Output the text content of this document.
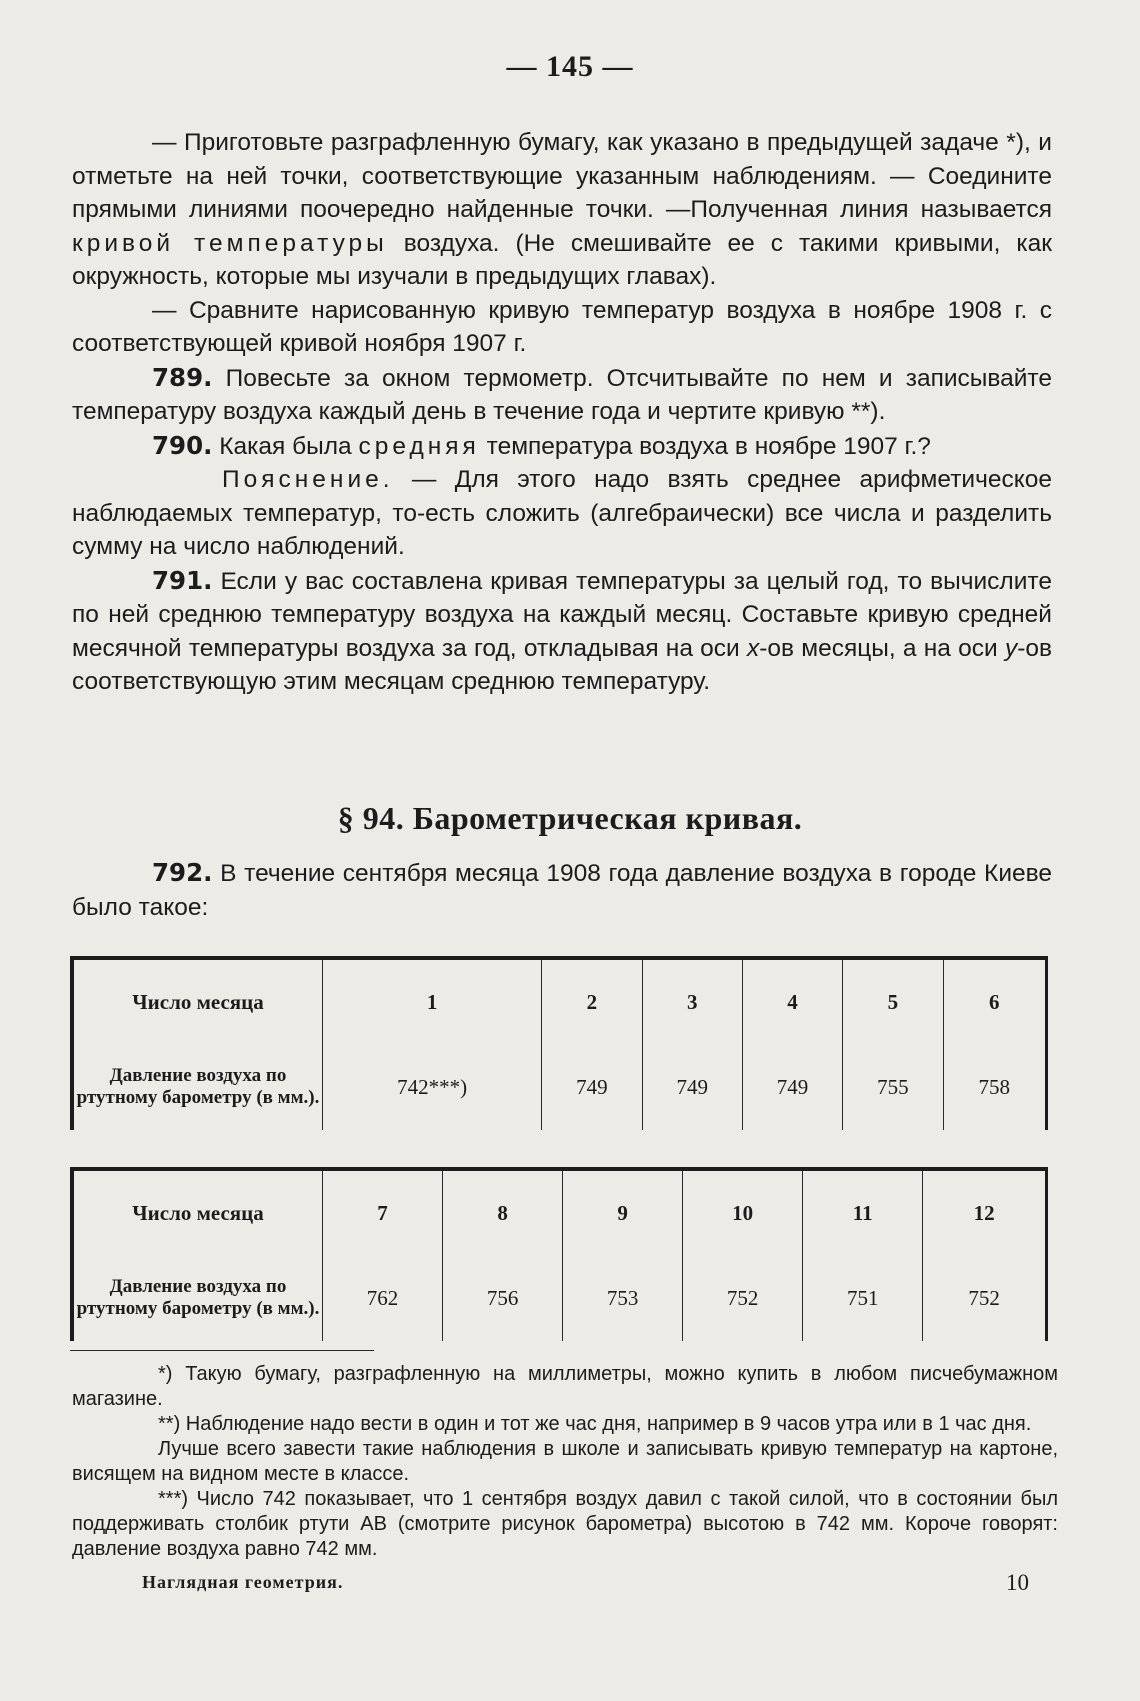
— 145 —

— Приготовьте разграфленную бумагу, как указано в предыдущей задаче *), и отметьте на ней точки, соответствующие указанным наблюдениям. — Соедините прямыми линиями поочередно найденные точки. —Полученная линия называется кривой температуры воздуха. (Не смешивайте ее с такими кривыми, как окружность, которые мы изучали в предыдущих главах).

— Сравните нарисованную кривую температур воздуха в ноябре 1908 г. с соответствующей кривой ноября 1907 г.

789. Повесьте за окном термометр. Отсчитывайте по нем и записывайте температуру воздуха каждый день в течение года и чертите кривую **).

790. Какая была средняя температура воздуха в ноябре 1907 г.?

Пояснение. — Для этого надо взять среднее арифметическое наблюдаемых температур, то-есть сложить (алгебраически) все числа и разделить сумму на число наблюдений.

791. Если у вас составлена кривая температуры за целый год, то вычислите по ней среднюю температуру воздуха на каждый месяц. Составьте кривую средней месячной температуры воздуха за год, откладывая на оси x-ов месяцы, а на оси y-ов соответствующую этим месяцам среднюю температуру.

§ 94. Барометрическая кривая.

792. В течение сентября месяца 1908 года давление воздуха в городе Киеве было такое:

Число месяца	1	2	3	4	5	6
Давление воздуха по ртутному барометру (в мм.).	742***)	749	749	749	755	758
Число месяца	7	8	9	10	11	12
Давление воздуха по ртутному барометру (в мм.).	762	756	753	752	751	752

*) Такую бумагу, разграфленную на миллиметры, можно купить в любом писчебумажном магазине.

**) Наблюдение надо вести в один и тот же час дня, например в 9 часов утра или в 1 час дня.

Лучше всего завести такие наблюдения в школе и записывать кривую температур на картоне, висящем на видном месте в классе.

***) Число 742 показывает, что 1 сентября воздух давил с такой силой, что в состоянии был поддерживать столбик ртути AB (смотрите рисунок барометра) высотою в 742 мм. Короче говорят: давление воздуха равно 742 мм.

Наглядная геометрия.	10
